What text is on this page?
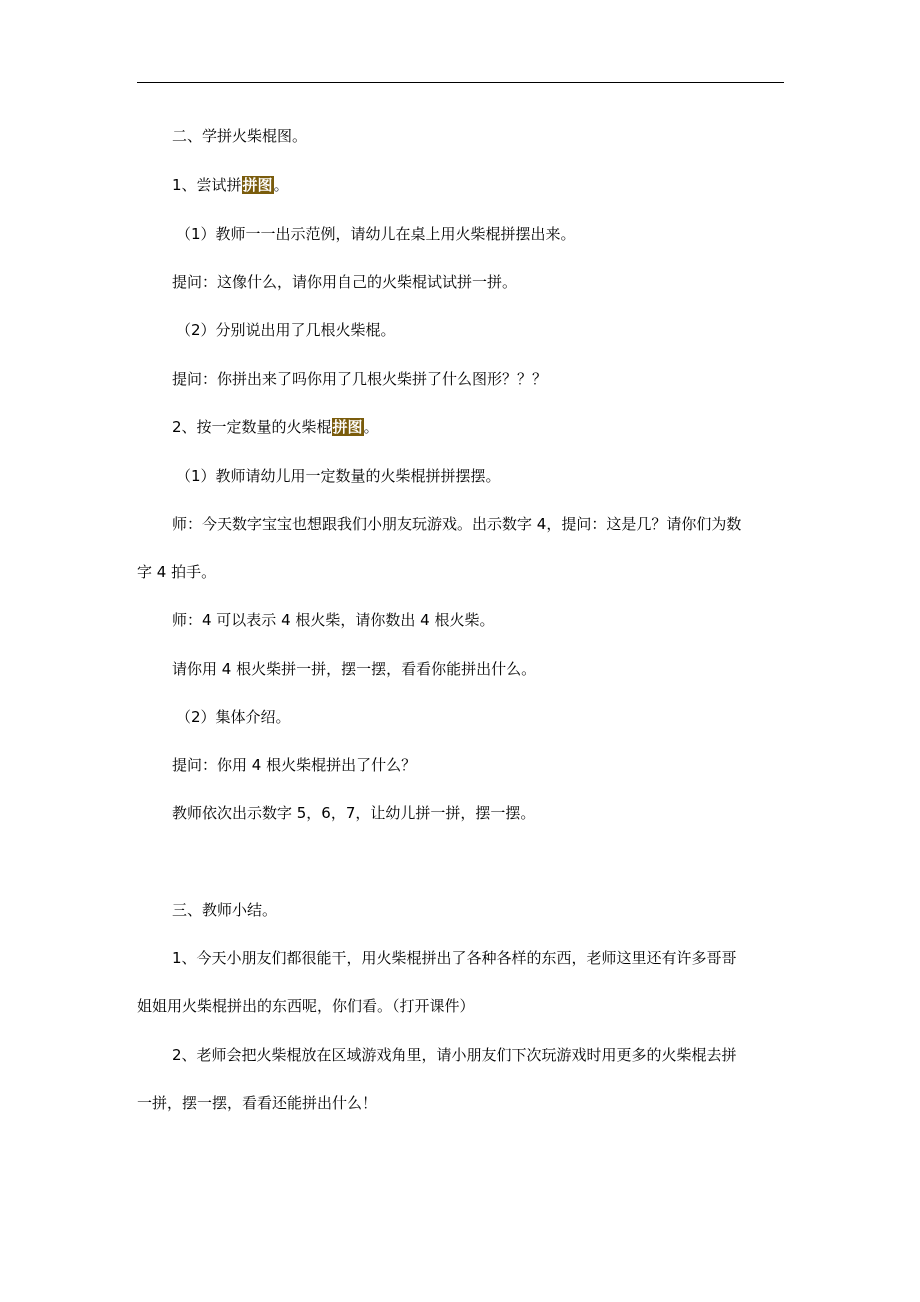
二、学拼火柴棍图。

1、尝试拼拼图。

（1）教师一一出示范例，请幼儿在桌上用火柴棍拼摆出来。

提问：这像什么，请你用自己的火柴棍试试拼一拼。

（2）分别说出用了几根火柴棍。

提问：你拼出来了吗你用了几根火柴拼了什么图形？？？

2、按一定数量的火柴棍拼图。

（1）教师请幼儿用一定数量的火柴棍拼拼摆摆。

师：今天数字宝宝也想跟我们小朋友玩游戏。出示数字 4，提问：这是几？请你们为数

字 4 拍手。

师：4 可以表示 4 根火柴，请你数出 4 根火柴。

请你用 4 根火柴拼一拼，摆一摆，看看你能拼出什么。

（2）集体介绍。

提问：你用 4 根火柴棍拼出了什么？

教师依次出示数字 5，6，7，让幼儿拼一拼，摆一摆。

三、教师小结。

1、今天小朋友们都很能干，用火柴棍拼出了各种各样的东西，老师这里还有许多哥哥

姐姐用火柴棍拼出的东西呢，你们看。（打开课件）

2、老师会把火柴棍放在区域游戏角里，请小朋友们下次玩游戏时用更多的火柴棍去拼

一拼，摆一摆，看看还能拼出什么！
